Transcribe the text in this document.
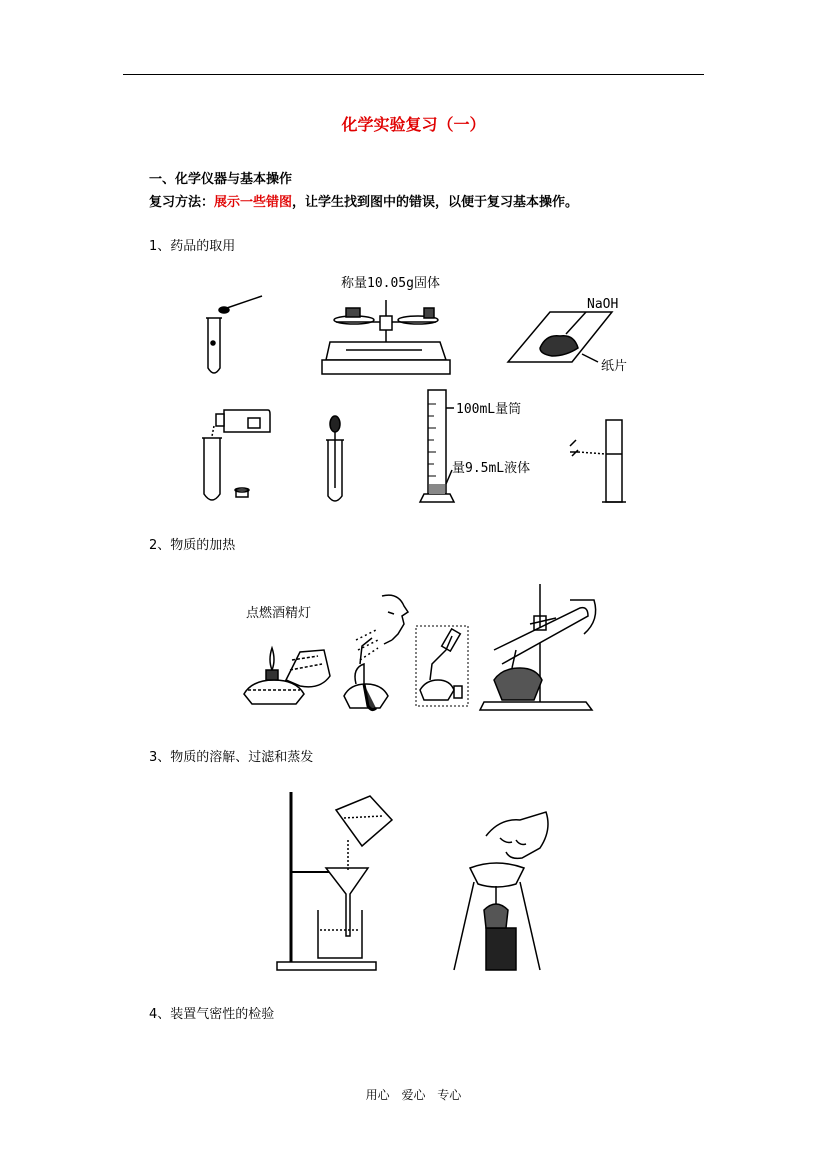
化学实验复习（一）
一、化学仪器与基本操作
复习方法：展示一些错图，让学生找到图中的错误，以便于复习基本操作。
1、药品的取用
2、物质的加热
3、物质的溶解、过滤和蒸发
4、装置气密性的检验
称量10.05g固体
NaOH
纸片
100mL量筒
量9.5mL液体
点燃酒精灯
用心 爱心 专心
